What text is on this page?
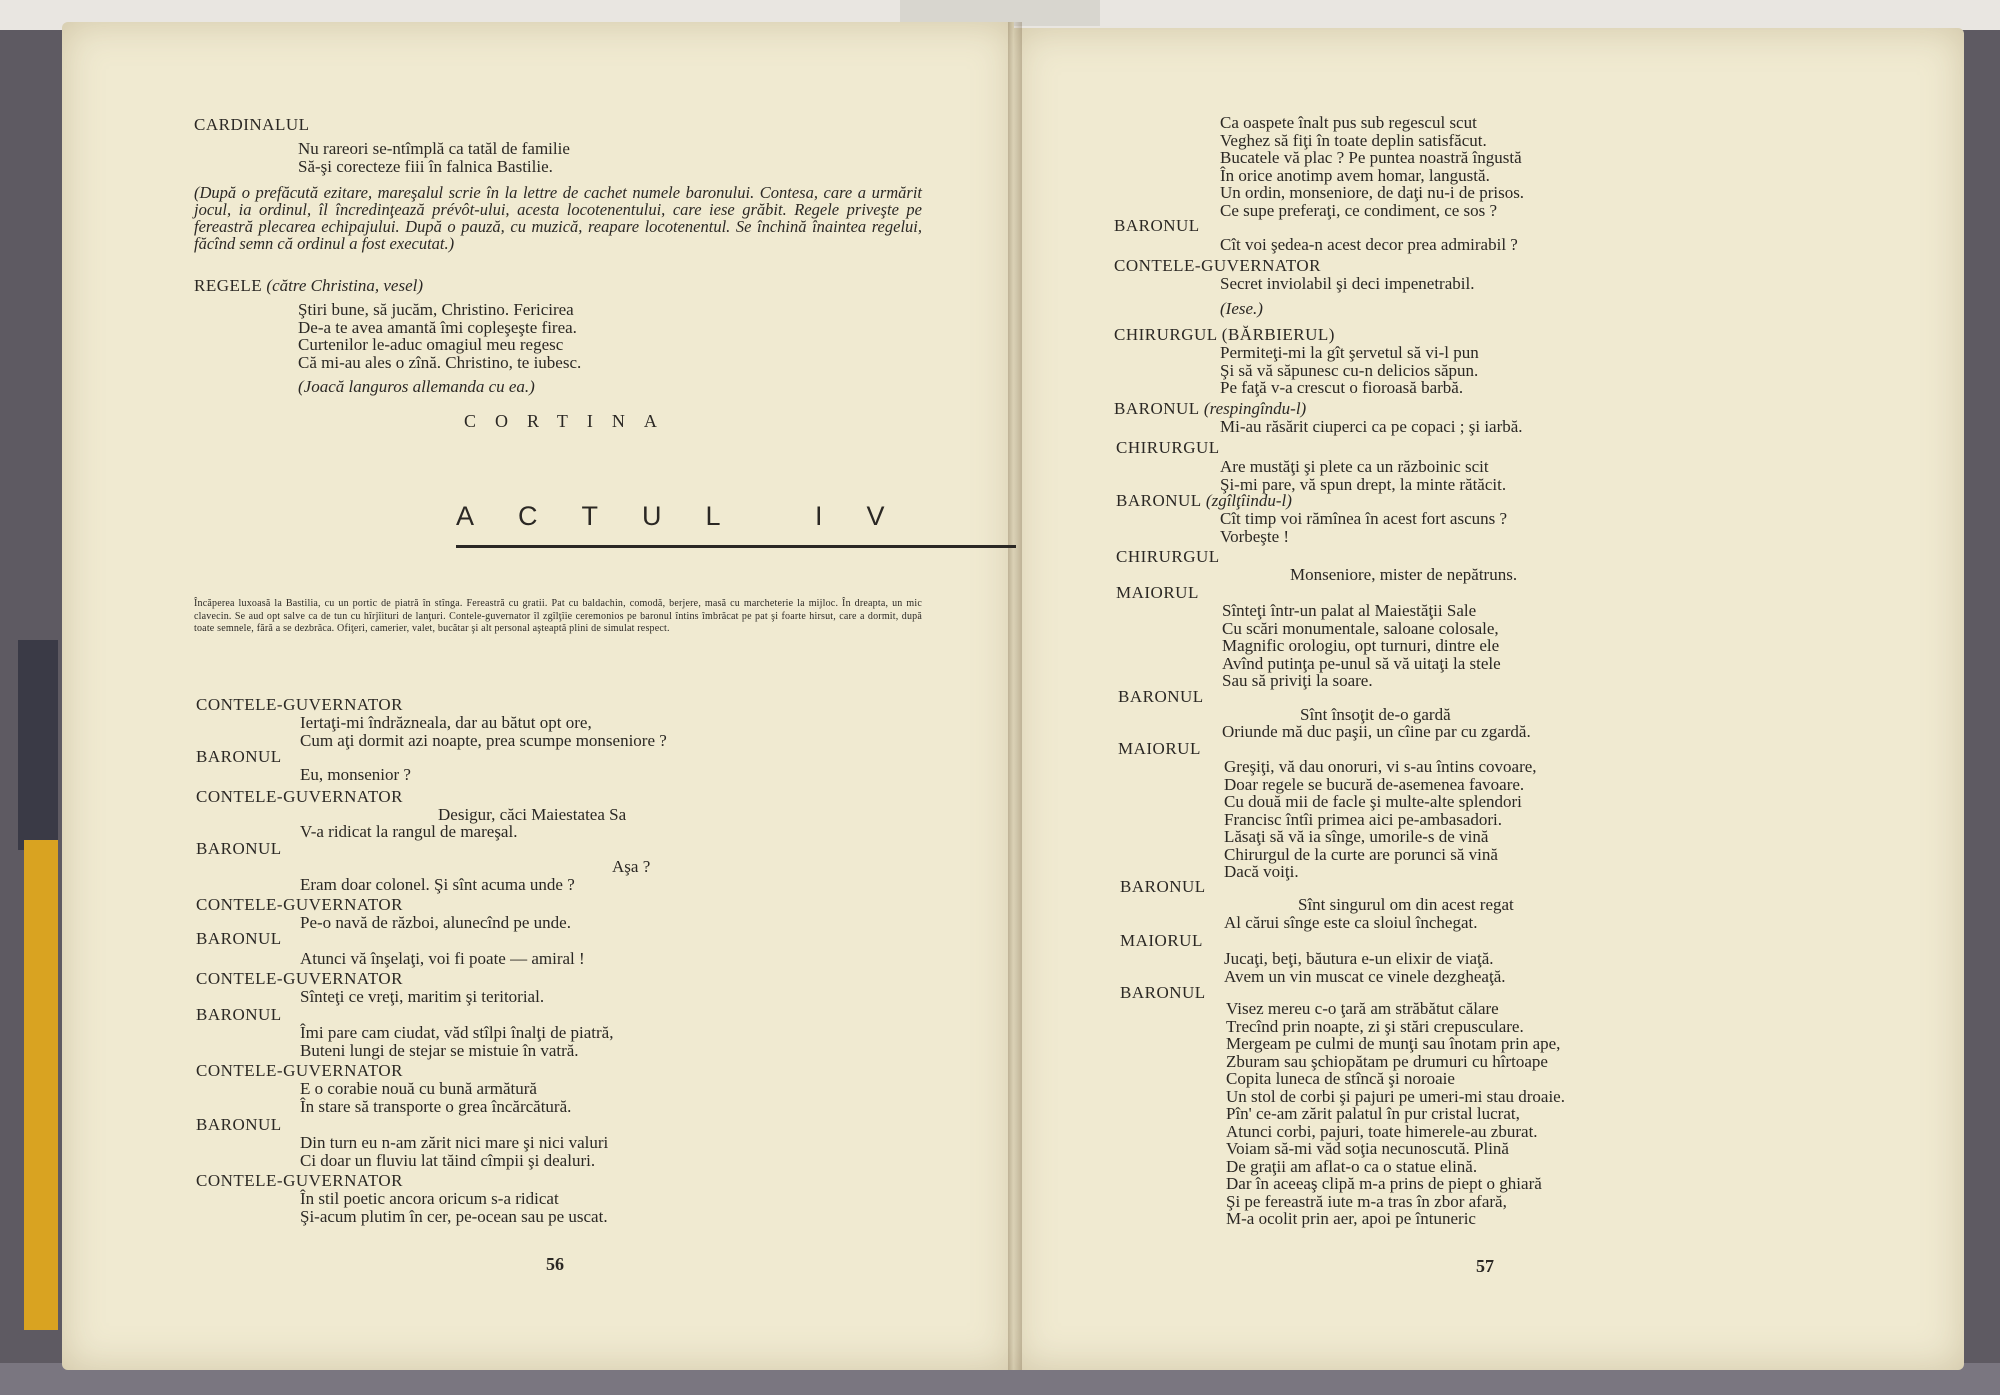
CARDINALUL
Nu rareori se-ntîmplă ca tatăl de familie
Să-şi corecteze fiii în falnica Bastilie.
(După o prefăcută ezitare, mareşalul scrie în la lettre de cachet numele baronului. Contesa, care a urmărit jocul, ia ordinul, îl încredinţează prévôt-ului, acesta locotenentului, care iese grăbit. Regele priveşte pe fereastră plecarea echipajului. După o pauză, cu muzică, reapare locotenentul. Se închină înaintea regelui, făcînd semn că ordinul a fost executat.)
REGELE (către Christina, vesel)
Ştiri bune, să jucăm, Christino. Fericirea
De-a te avea amantă îmi copleşeşte firea.
Curtenilor le-aduc omagiul meu regesc
Că mi-au ales o zînă. Christino, te iubesc.
(Joacă languros allemanda cu ea.)
CORTINA
ACTUL IV
Încăperea luxoasă la Bastilia, cu un portic de piatră în stînga. Fereastră cu gratii. Pat cu baldachin, comodă, berjere, masă cu marcheterie la mijloc. În dreapta, un mic clavecin. Se aud opt salve ca de tun cu hîrjîituri de lanţuri. Contele-guvernator îl zgîlţîie ceremonios pe baronul întins îmbrăcat pe pat şi foarte hirsut, care a dormit, după toate semnele, fără a se dezbrăca. Ofiţeri, camerier, valet, bucătar şi alt personal aşteaptă plini de simulat respect.
CONTELE-GUVERNATOR
Iertaţi-mi îndrăzneala, dar au bătut opt ore,
Cum aţi dormit azi noapte, prea scumpe monseniore ?
BARONUL
Eu, monsenior ?
CONTELE-GUVERNATOR
Desigur, căci Maiestatea Sa
V-a ridicat la rangul de mareşal.
BARONUL
Aşa ?
Eram doar colonel. Şi sînt acuma unde ?
CONTELE-GUVERNATOR
Pe-o navă de război, alunecînd pe unde.
BARONUL
Atunci vă înşelaţi, voi fi poate — amiral !
CONTELE-GUVERNATOR
Sînteţi ce vreţi, maritim şi teritorial.
BARONUL
Îmi pare cam ciudat, văd stîlpi înalţi de piatră,
Buteni lungi de stejar se mistuie în vatră.
CONTELE-GUVERNATOR
E o corabie nouă cu bună armătură
În stare să transporte o grea încărcătură.
BARONUL
Din turn eu n-am zărit nici mare şi nici valuri
Ci doar un fluviu lat tăind cîmpii şi dealuri.
CONTELE-GUVERNATOR
În stil poetic ancora oricum s-a ridicat
Şi-acum plutim în cer, pe-ocean sau pe uscat.
56
Ca oaspete înalt pus sub regescul scut
Veghez să fiţi în toate deplin satisfăcut.
Bucatele vă plac ? Pe puntea noastră îngustă
În orice anotimp avem homar, langustă.
Un ordin, monseniore, de daţi nu-i de prisos.
Ce supe preferaţi, ce condiment, ce sos ?
BARONUL
Cît voi şedea-n acest decor prea admirabil ?
CONTELE-GUVERNATOR
Secret inviolabil şi deci impenetrabil.
(Iese.)
CHIRURGUL (BĂRBIERUL)
Permiteţi-mi la gît şervetul să vi-l pun
Şi să vă săpunesc cu-n delicios săpun.
Pe faţă v-a crescut o fioroasă barbă.
BARONUL (respingîndu-l)
Mi-au răsărit ciuperci ca pe copaci ; şi iarbă.
CHIRURGUL
Are mustăţi şi plete ca un războinic scit
Şi-mi pare, vă spun drept, la minte rătăcit.
BARONUL (zgîlţîindu-l)
Cît timp voi rămînea în acest fort ascuns ?
Vorbeşte !
CHIRURGUL
Monseniore, mister de nepătruns.
MAIORUL
Sînteţi într-un palat al Maiestăţii Sale
Cu scări monumentale, saloane colosale,
Magnific orologiu, opt turnuri, dintre ele
Avînd putinţa pe-unul să vă uitaţi la stele
Sau să priviţi la soare.
BARONUL
Sînt însoţit de-o gardă
Oriunde mă duc paşii, un cîine par cu zgardă.
MAIORUL
Greşiţi, vă dau onoruri, vi s-au întins covoare,
Doar regele se bucură de-asemenea favoare.
Cu două mii de facle şi multe-alte splendori
Francisc întîi primea aici pe-ambasadori.
Lăsaţi să vă ia sînge, umorile-s de vină
Chirurgul de la curte are porunci să vină
Dacă voiţi.
BARONUL
Sînt singurul om din acest regat
Al cărui sînge este ca sloiul închegat.
MAIORUL
Jucaţi, beţi, băutura e-un elixir de viaţă.
Avem un vin muscat ce vinele dezgheaţă.
BARONUL
Visez mereu c-o ţară am străbătut călare
Trecînd prin noapte, zi şi stări crepusculare.
Mergeam pe culmi de munţi sau înotam prin ape,
Zburam sau şchiopătam pe drumuri cu hîrtoape
Copita luneca de stîncă şi noroaie
Un stol de corbi şi pajuri pe umeri-mi stau droaie.
Pîn' ce-am zărit palatul în pur cristal lucrat,
Atunci corbi, pajuri, toate himerele-au zburat.
Voiam să-mi văd soţia necunoscută. Plină
De graţii am aflat-o ca o statue elină.
Dar în aceeaş clipă m-a prins de piept o ghiară
Şi pe fereastră iute m-a tras în zbor afară,
M-a ocolit prin aer, apoi pe întuneric
57
